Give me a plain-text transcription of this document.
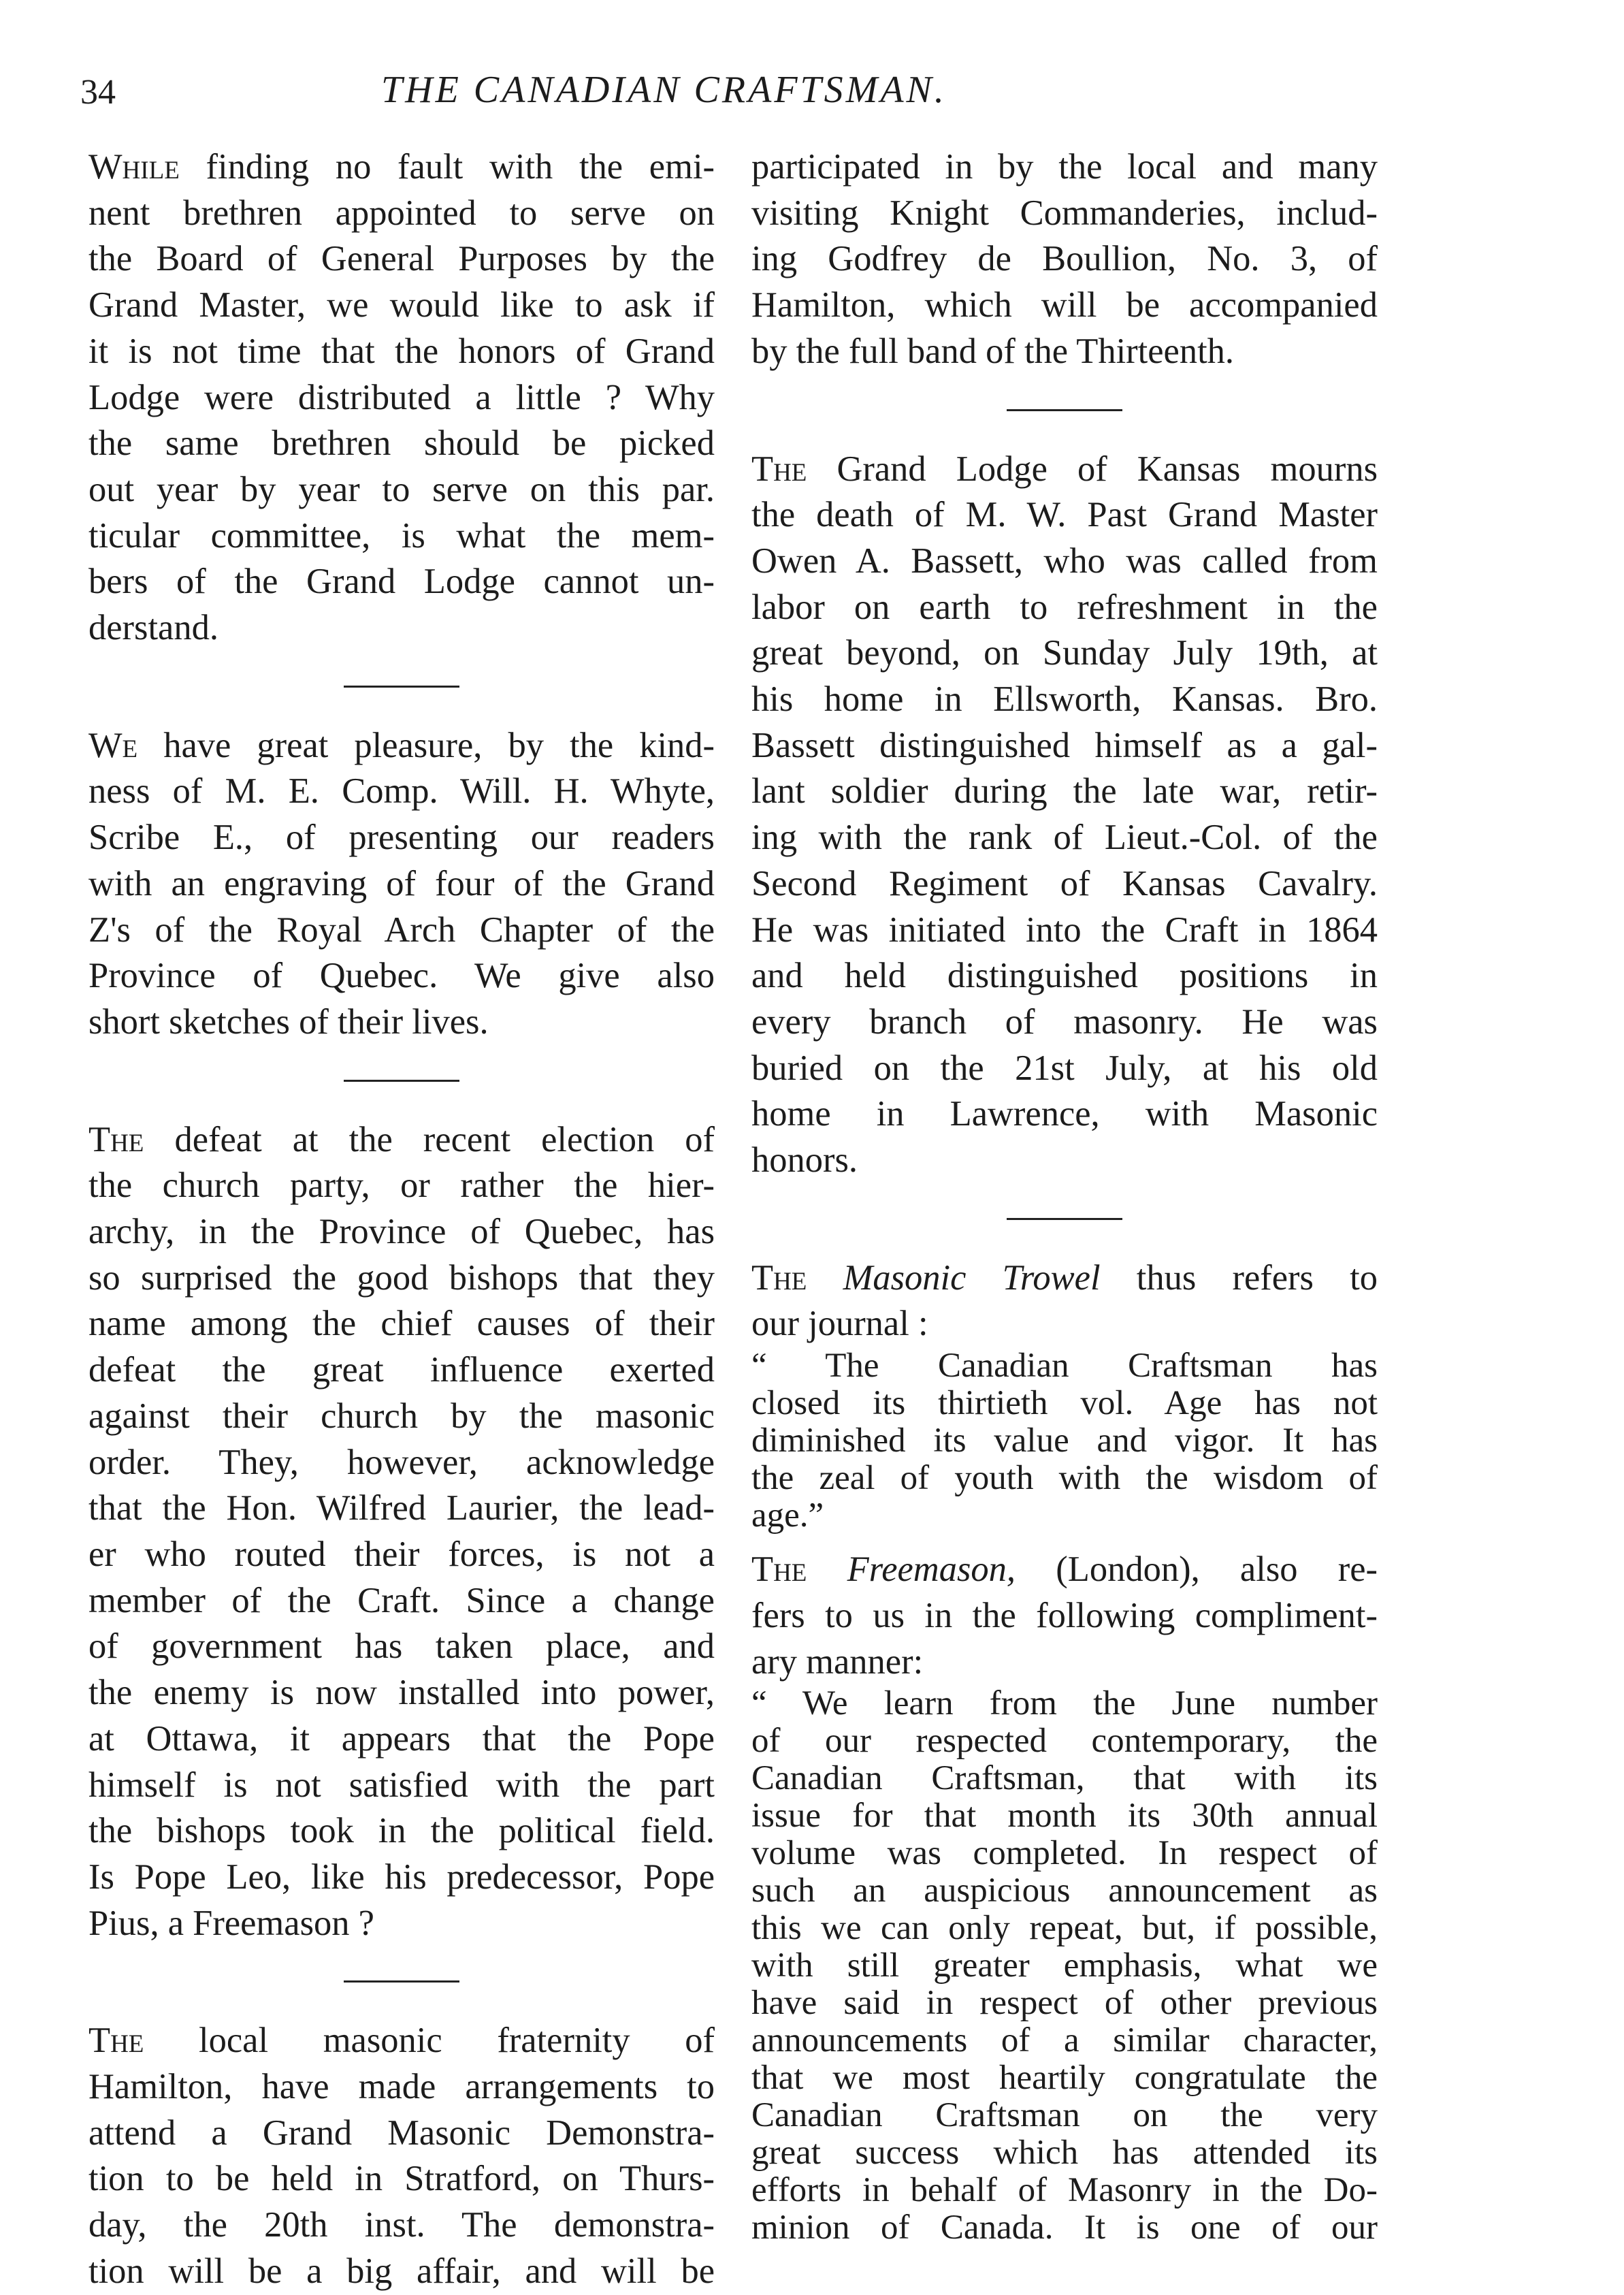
34	THE CANADIAN CRAFTSMAN.
While finding no fault with the emi-
nent brethren appointed to serve on
the Board of General Purposes by the
Grand Master, we would like to ask if
it is not time that the honors of Grand
Lodge were distributed a little ? Why
the same brethren should be picked
out year by year to serve on this par.
ticular committee, is what the mem-
bers of the Grand Lodge cannot un-
derstand.
We have great pleasure, by the kind-
ness of M. E. Comp. Will. H. Whyte,
Scribe E., of presenting our readers
with an engraving of four of the Grand
Z's of the Royal Arch Chapter of the
Province of Quebec. We give also
short sketches of their lives.
The defeat at the recent election of
the church party, or rather the hier-
archy, in the Province of Quebec, has
so surprised the good bishops that they
name among the chief causes of their
defeat the great influence exerted
against their church by the masonic
order. They, however, acknowledge
that the Hon. Wilfred Laurier, the lead-
er who routed their forces, is not a
member of the Craft. Since a change
of government has taken place, and
the enemy is now installed into power,
at Ottawa, it appears that the Pope
himself is not satisfied with the part
the bishops took in the political field.
Is Pope Leo, like his predecessor, Pope
Pius, a Freemason ?
The local masonic fraternity of
Hamilton, have made arrangements to
attend a Grand Masonic Demonstra-
tion to be held in Stratford, on Thurs-
day, the 20th inst. The demonstra-
tion will be a big affair, and will be
participated in by the local and many
visiting Knight Commanderies, includ-
ing Godfrey de Boullion, No. 3, of
Hamilton, which will be accompanied
by the full band of the Thirteenth.
The Grand Lodge of Kansas mourns
the death of M. W. Past Grand Master
Owen A. Bassett, who was called from
labor on earth to refreshment in the
great beyond, on Sunday July 19th, at
his home in Ellsworth, Kansas. Bro.
Bassett distinguished himself as a gal-
lant soldier during the late war, retir-
ing with the rank of Lieut.-Col. of the
Second Regiment of Kansas Cavalry.
He was initiated into the Craft in 1864
and held distinguished positions in
every branch of masonry. He was
buried on the 21st July, at his old
home in Lawrence, with Masonic
honors.
The Masonic Trowel thus refers to
our journal :
“ The Canadian Craftsman has
closed its thirtieth vol. Age has not
diminished its value and vigor. It has
the zeal of youth with the wisdom of
age.”
The Freemason, (London), also re-
fers to us in the following compliment-
ary manner:
“ We learn from the June number
of our respected contemporary, the
Canadian Craftsman, that with its
issue for that month its 30th annual
volume was completed. In respect of
such an auspicious announcement as
this we can only repeat, but, if possible,
with still greater emphasis, what we
have said in respect of other previous
announcements of a similar character,
that we most heartily congratulate the
Canadian Craftsman on the very
great success which has attended its
efforts in behalf of Masonry in the Do-
minion of Canada. It is one of our
